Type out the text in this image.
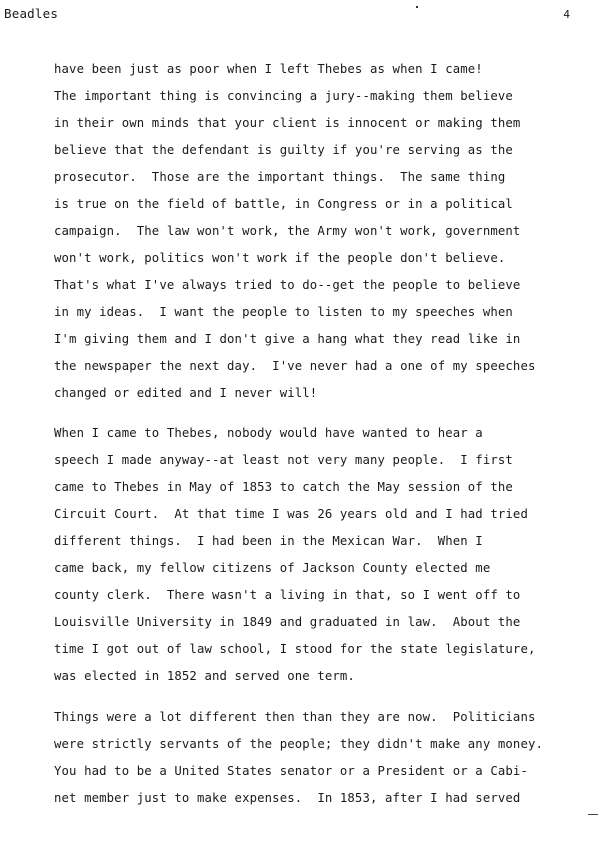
Beadles	4
have been just as poor when I left Thebes as when I came!
The important thing is convincing a jury--making them believe
in their own minds that your client is innocent or making them
believe that the defendant is guilty if you're serving as the
prosecutor.  Those are the important things.  The same thing
is true on the field of battle, in Congress or in a political
campaign.  The law won't work, the Army won't work, government
won't work, politics won't work if the people don't believe.
That's what I've always tried to do--get the people to believe
in my ideas.  I want the people to listen to my speeches when
I'm giving them and I don't give a hang what they read like in
the newspaper the next day.  I've never had a one of my speeches
changed or edited and I never will!
When I came to Thebes, nobody would have wanted to hear a
speech I made anyway--at least not very many people.  I first
came to Thebes in May of 1853 to catch the May session of the
Circuit Court.  At that time I was 26 years old and I had tried
different things.  I had been in the Mexican War.  When I
came back, my fellow citizens of Jackson County elected me
county clerk.  There wasn't a living in that, so I went off to
Louisville University in 1849 and graduated in law.  About the
time I got out of law school, I stood for the state legislature,
was elected in 1852 and served one term.
Things were a lot different then than they are now.  Politicians
were strictly servants of the people; they didn't make any money.
You had to be a United States senator or a President or a Cabi-
net member just to make expenses.  In 1853, after I had served
